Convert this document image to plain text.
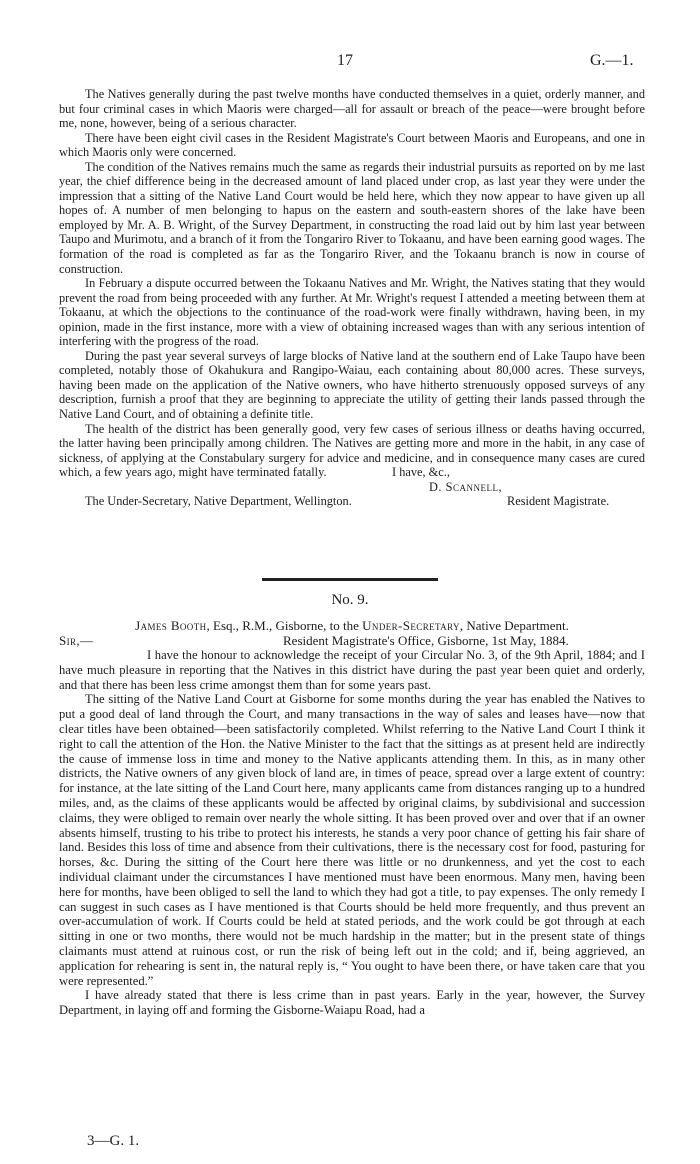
17	G.—1.

The Natives generally during the past twelve months have conducted themselves in a quiet, orderly manner, and but four criminal cases in which Maoris were charged—all for assault or breach of the peace—were brought before me, none, however, being of a serious character.

There have been eight civil cases in the Resident Magistrate's Court between Maoris and Europeans, and one in which Maoris only were concerned.

The condition of the Natives remains much the same as regards their industrial pursuits as reported on by me last year, the chief difference being in the decreased amount of land placed under crop, as last year they were under the impression that a sitting of the Native Land Court would be held here, which they now appear to have given up all hopes of. A number of men belonging to hapus on the eastern and south-eastern shores of the lake have been employed by Mr. A. B. Wright, of the Survey Department, in constructing the road laid out by him last year between Taupo and Murimotu, and a branch of it from the Tongariro River to Tokaanu, and have been earning good wages. The formation of the road is completed as far as the Tongariro River, and the Tokaanu branch is now in course of construction.

In February a dispute occurred between the Tokaanu Natives and Mr. Wright, the Natives stating that they would prevent the road from being proceeded with any further. At Mr. Wright's request I attended a meeting between them at Tokaanu, at which the objections to the continuance of the road-work were finally withdrawn, having been, in my opinion, made in the first instance, more with a view of obtaining increased wages than with any serious intention of interfering with the progress of the road.

During the past year several surveys of large blocks of Native land at the southern end of Lake Taupo have been completed, notably those of Okahukura and Rangipo-Waiau, each containing about 80,000 acres. These surveys, having been made on the application of the Native owners, who have hitherto strenuously opposed surveys of any description, furnish a proof that they are beginning to appreciate the utility of getting their lands passed through the Native Land Court, and of obtaining a definite title.

The health of the district has been generally good, very few cases of serious illness or deaths having occurred, the latter having been principally among children. The Natives are getting more and more in the habit, in any case of sickness, of applying at the Constabulary surgery for advice and medicine, and in consequence many cases are cured which, a few years ago, might have terminated fatally.	I have, &c.,
D. Scannell,
The Under-Secretary, Native Department, Wellington.	Resident Magistrate.
No. 9.

James Booth, Esq., R.M., Gisborne, to the Under-Secretary, Native Department.

Sir,—	Resident Magistrate's Office, Gisborne, 1st May, 1884.

I have the honour to acknowledge the receipt of your Circular No. 3, of the 9th April, 1884; and I have much pleasure in reporting that the Natives in this district have during the past year been quiet and orderly, and that there has been less crime amongst them than for some years past.

The sitting of the Native Land Court at Gisborne for some months during the year has enabled the Natives to put a good deal of land through the Court, and many transactions in the way of sales and leases have—now that clear titles have been obtained—been satisfactorily completed. Whilst referring to the Native Land Court I think it right to call the attention of the Hon. the Native Minister to the fact that the sittings as at present held are indirectly the cause of immense loss in time and money to the Native applicants attending them. In this, as in many other districts, the Native owners of any given block of land are, in times of peace, spread over a large extent of country: for instance, at the late sitting of the Land Court here, many applicants came from distances ranging up to a hundred miles, and, as the claims of these applicants would be affected by original claims, by subdivisional and succession claims, they were obliged to remain over nearly the whole sitting. It has been proved over and over that if an owner absents himself, trusting to his tribe to protect his interests, he stands a very poor chance of getting his fair share of land. Besides this loss of time and absence from their cultivations, there is the necessary cost for food, pasturing for horses, &c. During the sitting of the Court here there was little or no drunkenness, and yet the cost to each individual claimant under the circumstances I have mentioned must have been enormous. Many men, having been here for months, have been obliged to sell the land to which they had got a title, to pay expenses. The only remedy I can suggest in such cases as I have mentioned is that Courts should be held more frequently, and thus prevent an over-accumulation of work. If Courts could be held at stated periods, and the work could be got through at each sitting in one or two months, there would not be much hardship in the matter; but in the present state of things claimants must attend at ruinous cost, or run the risk of being left out in the cold; and if, being aggrieved, an application for rehearing is sent in, the natural reply is, “ You ought to have been there, or have taken care that you were represented.”

I have already stated that there is less crime than in past years. Early in the year, however, the Survey Department, in laying off and forming the Gisborne-Waiapu Road, had a

3—G. 1.
